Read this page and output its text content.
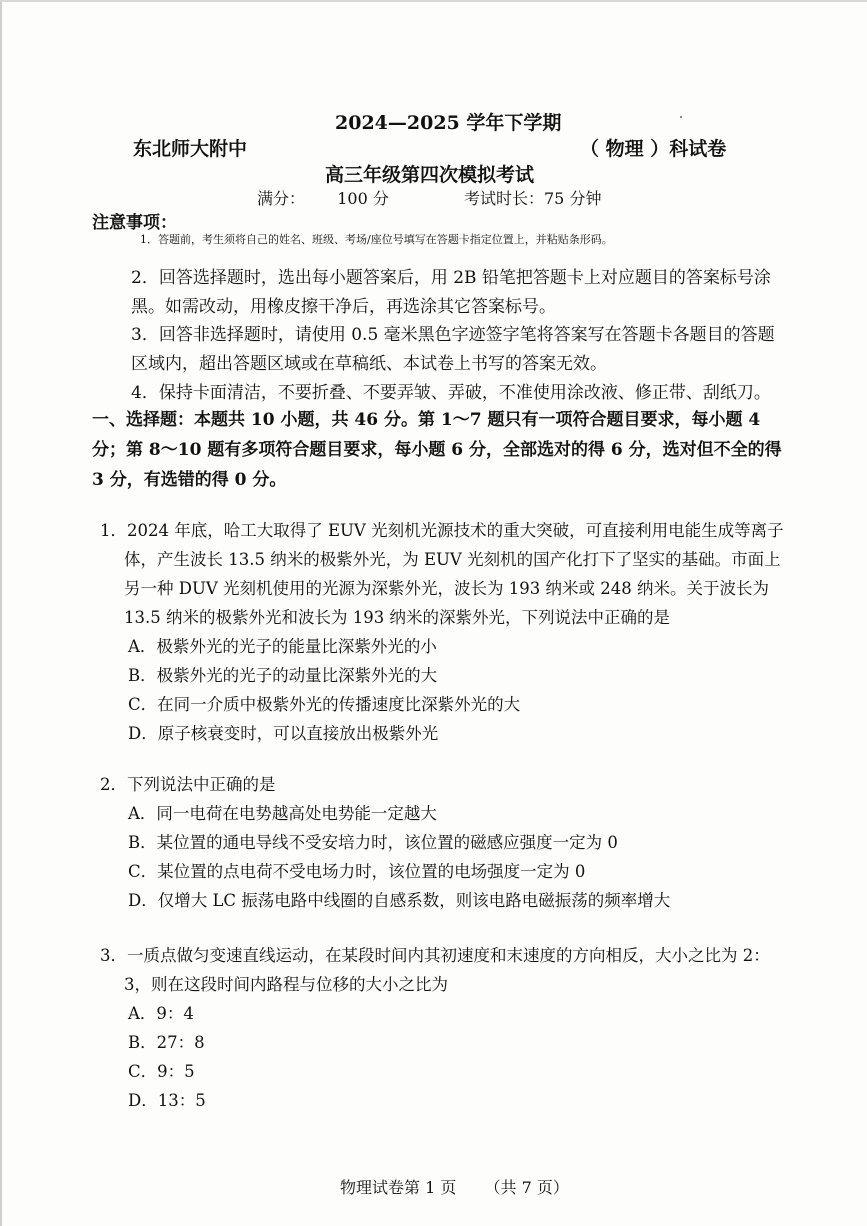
2024—2025 学年下学期
东北师大附中	（ 物理 ）科试卷
高三年级第四次模拟考试
满分： 100 分	考试时长：75 分钟
注意事项：
1．答题前，考生须将自己的姓名、班级、考场/座位号填写在答题卡指定位置上，并粘贴条形码。
2．回答选择题时，选出每小题答案后，用 2B 铅笔把答题卡上对应题目的答案标号涂黑。如需改动，用橡皮擦干净后，再选涂其它答案标号。
3．回答非选择题时，请使用 0.5 毫米黑色字迹签字笔将答案写在答题卡各题目的答题区域内，超出答题区域或在草稿纸、本试卷上书写的答案无效。
4．保持卡面清洁，不要折叠、不要弄皱、弄破，不准使用涂改液、修正带、刮纸刀。
一、选择题：本题共 10 小题，共 46 分。第 1～7 题只有一项符合题目要求，每小题 4 分；第 8～10 题有多项符合题目要求，每小题 6 分，全部选对的得 6 分，选对但不全的得 3 分，有选错的得 0 分。
1．2024 年底，哈工大取得了 EUV 光刻机光源技术的重大突破，可直接利用电能生成等离子体，产生波长 13.5 纳米的极紫外光，为 EUV 光刻机的国产化打下了坚实的基础。市面上另一种 DUV 光刻机使用的光源为深紫外光，波长为 193 纳米或 248 纳米。关于波长为 13.5 纳米的极紫外光和波长为 193 纳米的深紫外光，下列说法中正确的是
A．极紫外光的光子的能量比深紫外光的小
B．极紫外光的光子的动量比深紫外光的大
C．在同一介质中极紫外光的传播速度比深紫外光的大
D．原子核衰变时，可以直接放出极紫外光
2．下列说法中正确的是
A．同一电荷在电势越高处电势能一定越大
B．某位置的通电导线不受安培力时，该位置的磁感应强度一定为 0
C．某位置的点电荷不受电场力时，该位置的电场强度一定为 0
D．仅增大 LC 振荡电路中线圈的自感系数，则该电路电磁振荡的频率增大
3．一质点做匀变速直线运动，在某段时间内其初速度和末速度的方向相反，大小之比为 2：3，则在这段时间内路程与位移的大小之比为
A．9：4
B．27：8
C．9：5
D．13：5
物理试卷第 1 页 （共 7 页）
